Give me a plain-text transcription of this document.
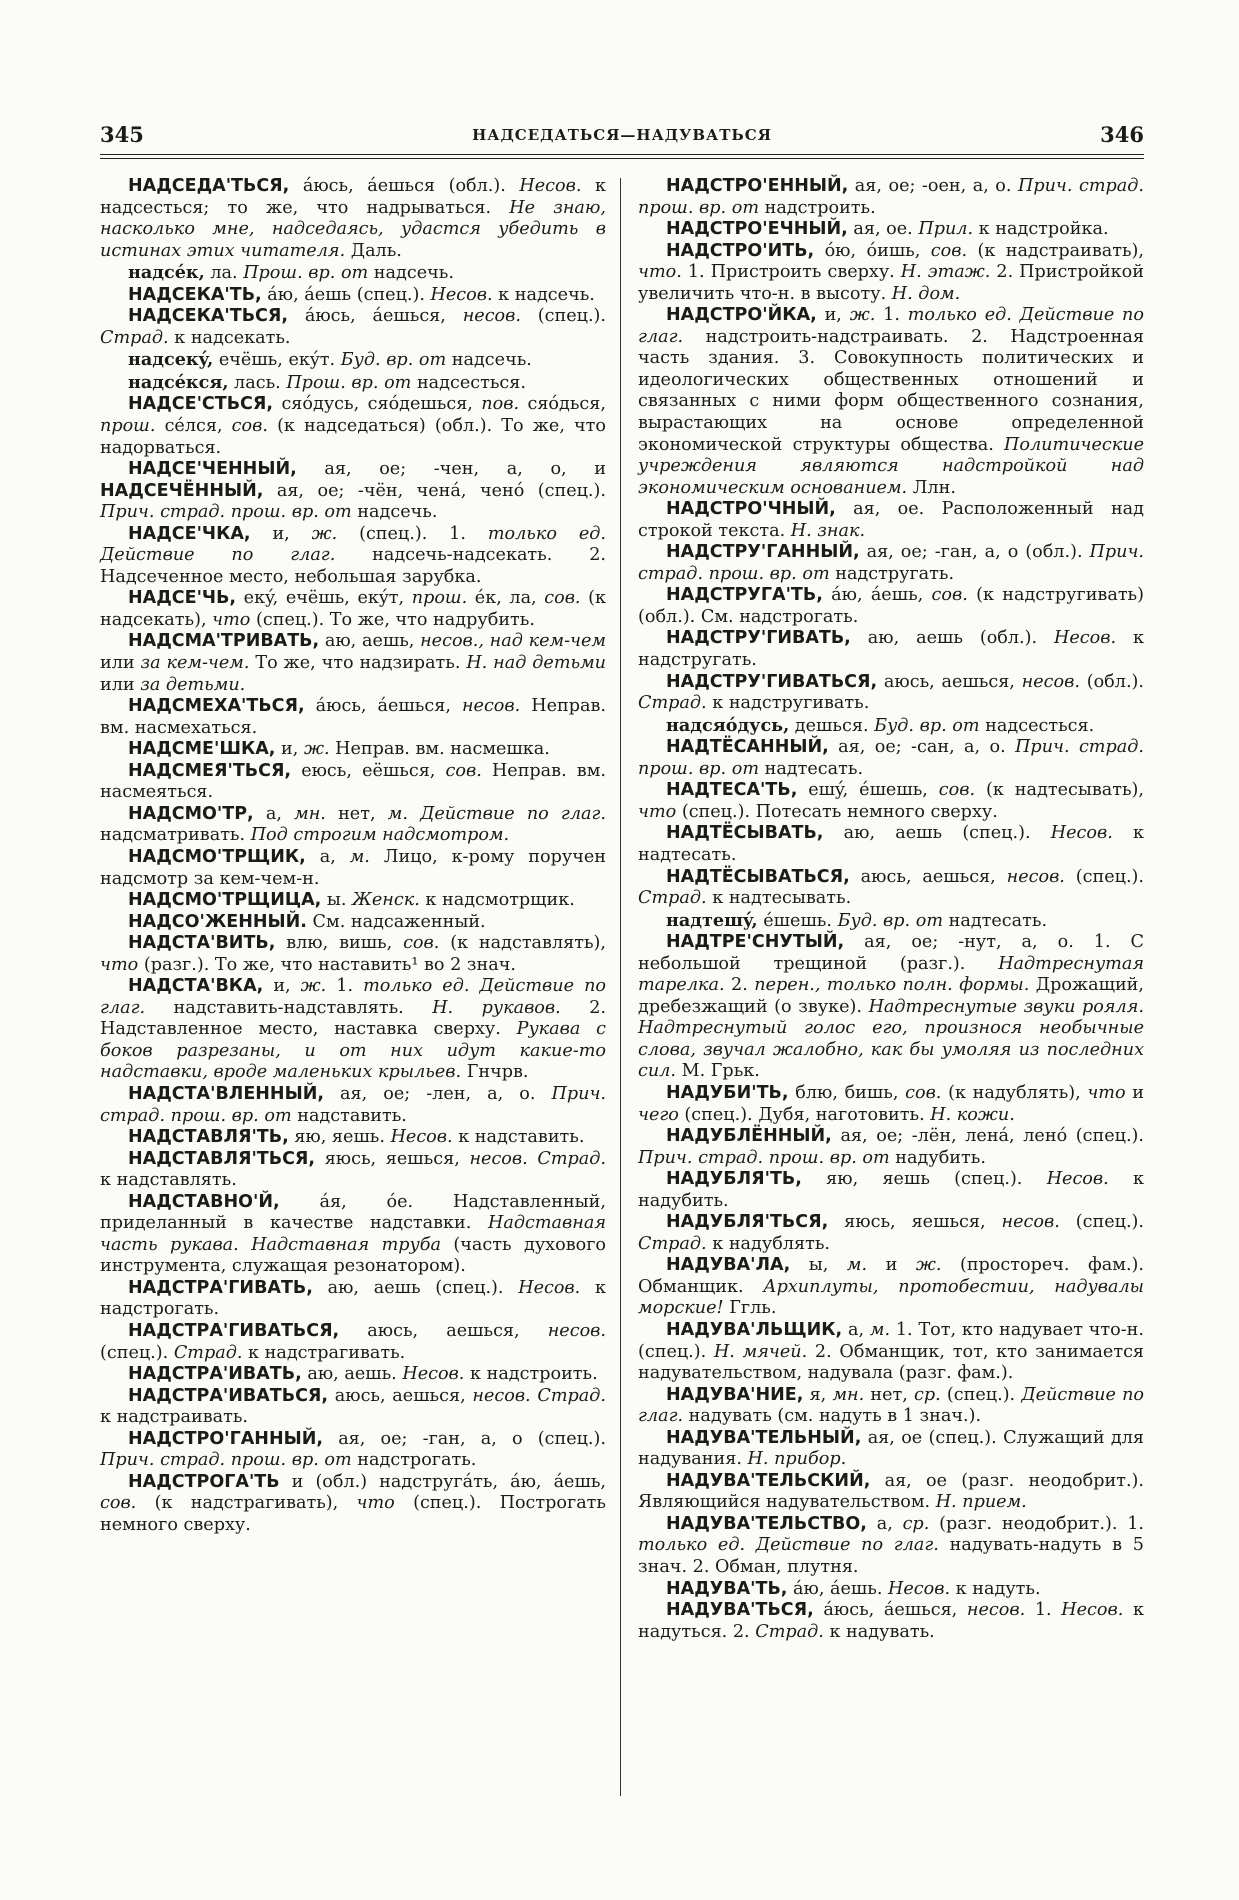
345	НАДСЕДАТЬСЯ—НАДУВАТЬСЯ	346

НАДСЕДА'ТЬСЯ, áюсь, áешься (обл.). Несов. к надсеcться; то же, что надрываться. Не знаю, насколько мне, надседаясь, удастся убедить в истинах этих читателя. Даль.

надсéк, ла. Прош. вр. от надсечь.

НАДСЕКА'ТЬ, áю, áешь (спец.). Несов. к надсечь.

НАДСЕКА'ТЬСЯ, áюсь, áешься, несов. (спец.). Страд. к надсекать.

надсекý, ечёшь, екýт. Буд. вр. от надсечь.

надсéкся, лась. Прош. вр. от надсесться.

НАДСЕ'СТЬСЯ, сяóдусь, сяóдешься, пов. сяóдься, прош. сéлся, сов. (к надседаться) (обл.). То же, что надорваться.

НАДСЕ'ЧЕННЫЙ, ая, ое; -чен, а, о, и НАДСЕЧЁННЫЙ, ая, ое; -чён, ченá, ченó (спец.). Прич. страд. прош. вр. от надсечь.

НАДСЕ'ЧКА, и, ж. (спец.). 1. только ед. Действие по глаг. надсечь-надсекать. 2. Надсеченное место, небольшая зарубка.

НАДСЕ'ЧЬ, екý, ечёшь, екýт, прош. éк, ла, сов. (к надсекать), что (спец.). То же, что надрубить.

НАДСМА'ТРИВАТЬ, аю, аешь, несов., над кем-чем или за кем-чем. То же, что надзирать. Н. над детьми или за детьми.

НАДСМЕХА'ТЬСЯ, áюсь, áешься, несов. Неправ. вм. насмехаться.

НАДСМЕ'ШКА, и, ж. Неправ. вм. насмешка.

НАДСМЕЯ'ТЬСЯ, еюсь, еёшься, сов. Неправ. вм. насмеяться.

НАДСМО'ТР, а, мн. нет, м. Действие по глаг. надсматривать. Под строгим надсмотром.

НАДСМО'ТРЩИК, а, м. Лицо, к-рому поручен надсмотр за кем-чем-н.

НАДСМО'ТРЩИЦА, ы. Женск. к надсмотрщик.

НАДСО'ЖЕННЫЙ. См. надсаженный.

НАДСТА'ВИТЬ, влю, вишь, сов. (к надставлять), что (разг.). То же, что наставить¹ во 2 знач.

НАДСТА'ВКА, и, ж. 1. только ед. Действие по глаг. надставить-надставлять. Н. рукавов. 2. Надставленное место, наставка сверху. Рукава с боков разрезаны, и от них идут какие-то надставки, вроде маленьких крыльев. Гнчрв.

НАДСТА'ВЛЕННЫЙ, ая, ое; -лен, а, о. Прич. страд. прош. вр. от надставить.

НАДСТАВЛЯ'ТЬ, яю, яешь. Несов. к надставить.

НАДСТАВЛЯ'ТЬСЯ, яюсь, яешься, несов. Страд. к надставлять.

НАДСТАВНО'Й, áя, óе. Надставленный, приделанный в качестве надставки. Надставная часть рукава. Надставная труба (часть духового инструмента, служащая резонатором).

НАДСТРА'ГИВАТЬ, аю, аешь (спец.). Несов. к надстрогать.

НАДСТРА'ГИВАТЬСЯ, аюсь, аешься, несов. (спец.). Страд. к надстрагивать.

НАДСТРА'ИВАТЬ, аю, аешь. Несов. к надстроить.

НАДСТРА'ИВАТЬСЯ, аюсь, аешься, несов. Страд. к надстраивать.

НАДСТРО'ГАННЫЙ, ая, ое; -ган, а, о (спец.). Прич. страд. прош. вр. от надстрогать.

НАДСТРОГА'ТЬ и (обл.) надстругáть, áю, áешь, сов. (к надстрагивать), что (спец.). Построгать немного сверху.

НАДСТРО'ЕННЫЙ, ая, ое; -оен, а, о. Прич. страд. прош. вр. от надстроить.

НАДСТРО'ЕЧНЫЙ, ая, ое. Прил. к надстройка.

НАДСТРО'ИТЬ, óю, óишь, сов. (к надстраивать), что. 1. Пристроить сверху. Н. этаж. 2. Пристройкой увеличить что-н. в высоту. Н. дом.

НАДСТРО'ЙКА, и, ж. 1. только ед. Действие по глаг. надстроить-надстраивать. 2. Надстроенная часть здания. 3. Совокупность политических и идеологических общественных отношений и связанных с ними форм общественного сознания, вырастающих на основе определенной экономической структуры общества. Политические учреждения являются надстройкой над экономическим основанием. Ллн.

НАДСТРО'ЧНЫЙ, ая, ое. Расположенный над строкой текста. Н. знак.

НАДСТРУ'ГАННЫЙ, ая, ое; -ган, а, о (обл.). Прич. страд. прош. вр. от надстругать.

НАДСТРУГА'ТЬ, áю, áешь, сов. (к надстругивать) (обл.). См. надстрогать.

НАДСТРУ'ГИВАТЬ, аю, аешь (обл.). Несов. к надстругать.

НАДСТРУ'ГИВАТЬСЯ, аюсь, аешься, несов. (обл.). Страд. к надстругивать.

надсяóдусь, дешься. Буд. вр. от надсесться.

НАДТЁСАННЫЙ, ая, ое; -сан, а, о. Прич. страд. прош. вр. от надтесать.

НАДТЕСА'ТЬ, ешý, éшешь, сов. (к надтесывать), что (спец.). Потесать немного сверху.

НАДТЁСЫВАТЬ, аю, аешь (спец.). Несов. к надтесать.

НАДТЁСЫВАТЬСЯ, аюсь, аешься, несов. (спец.). Страд. к надтесывать.

надтешý, éшешь. Буд. вр. от надтесать.

НАДТРЕ'СНУТЫЙ, ая, ое; -нут, а, о. 1. С небольшой трещиной (разг.). Надтреснутая тарелка. 2. перен., только полн. формы. Дрожащий, дребезжащий (о звуке). Надтреснутые звуки рояля. Надтреснутый голос его, произнося необычные слова, звучал жалобно, как бы умоляя из последних сил. М. Грьк.

НАДУБИ'ТЬ, блю, бишь, сов. (к надублять), что и чего (спец.). Дубя, наготовить. Н. кожи.

НАДУБЛЁННЫЙ, ая, ое; -лён, ленá, ленó (спец.). Прич. страд. прош. вр. от надубить.

НАДУБЛЯ'ТЬ, яю, яешь (спец.). Несов. к надубить.

НАДУБЛЯ'ТЬСЯ, яюсь, яешься, несов. (спец.). Страд. к надублять.

НАДУВА'ЛА, ы, м. и ж. (простореч. фам.). Обманщик. Архиплуты, протобестии, надувалы морские! Ггль.

НАДУВА'ЛЬЩИК, а, м. 1. Тот, кто надувает что-н. (спец.). Н. мячей. 2. Обманщик, тот, кто занимается надувательством, надувала (разг. фам.).

НАДУВА'НИЕ, я, мн. нет, ср. (спец.). Действие по глаг. надувать (см. надуть в 1 знач.).

НАДУВА'ТЕЛЬНЫЙ, ая, ое (спец.). Служащий для надувания. Н. прибор.

НАДУВА'ТЕЛЬСКИЙ, ая, ое (разг. неодобрит.). Являющийся надувательством. Н. прием.

НАДУВА'ТЕЛЬСТВО, а, ср. (разг. неодобрит.). 1. только ед. Действие по глаг. надувать-надуть в 5 знач. 2. Обман, плутня.

НАДУВА'ТЬ, áю, áешь. Несов. к надуть.

НАДУВА'ТЬСЯ, áюсь, áешься, несов. 1. Несов. к надуться. 2. Страд. к надувать.
